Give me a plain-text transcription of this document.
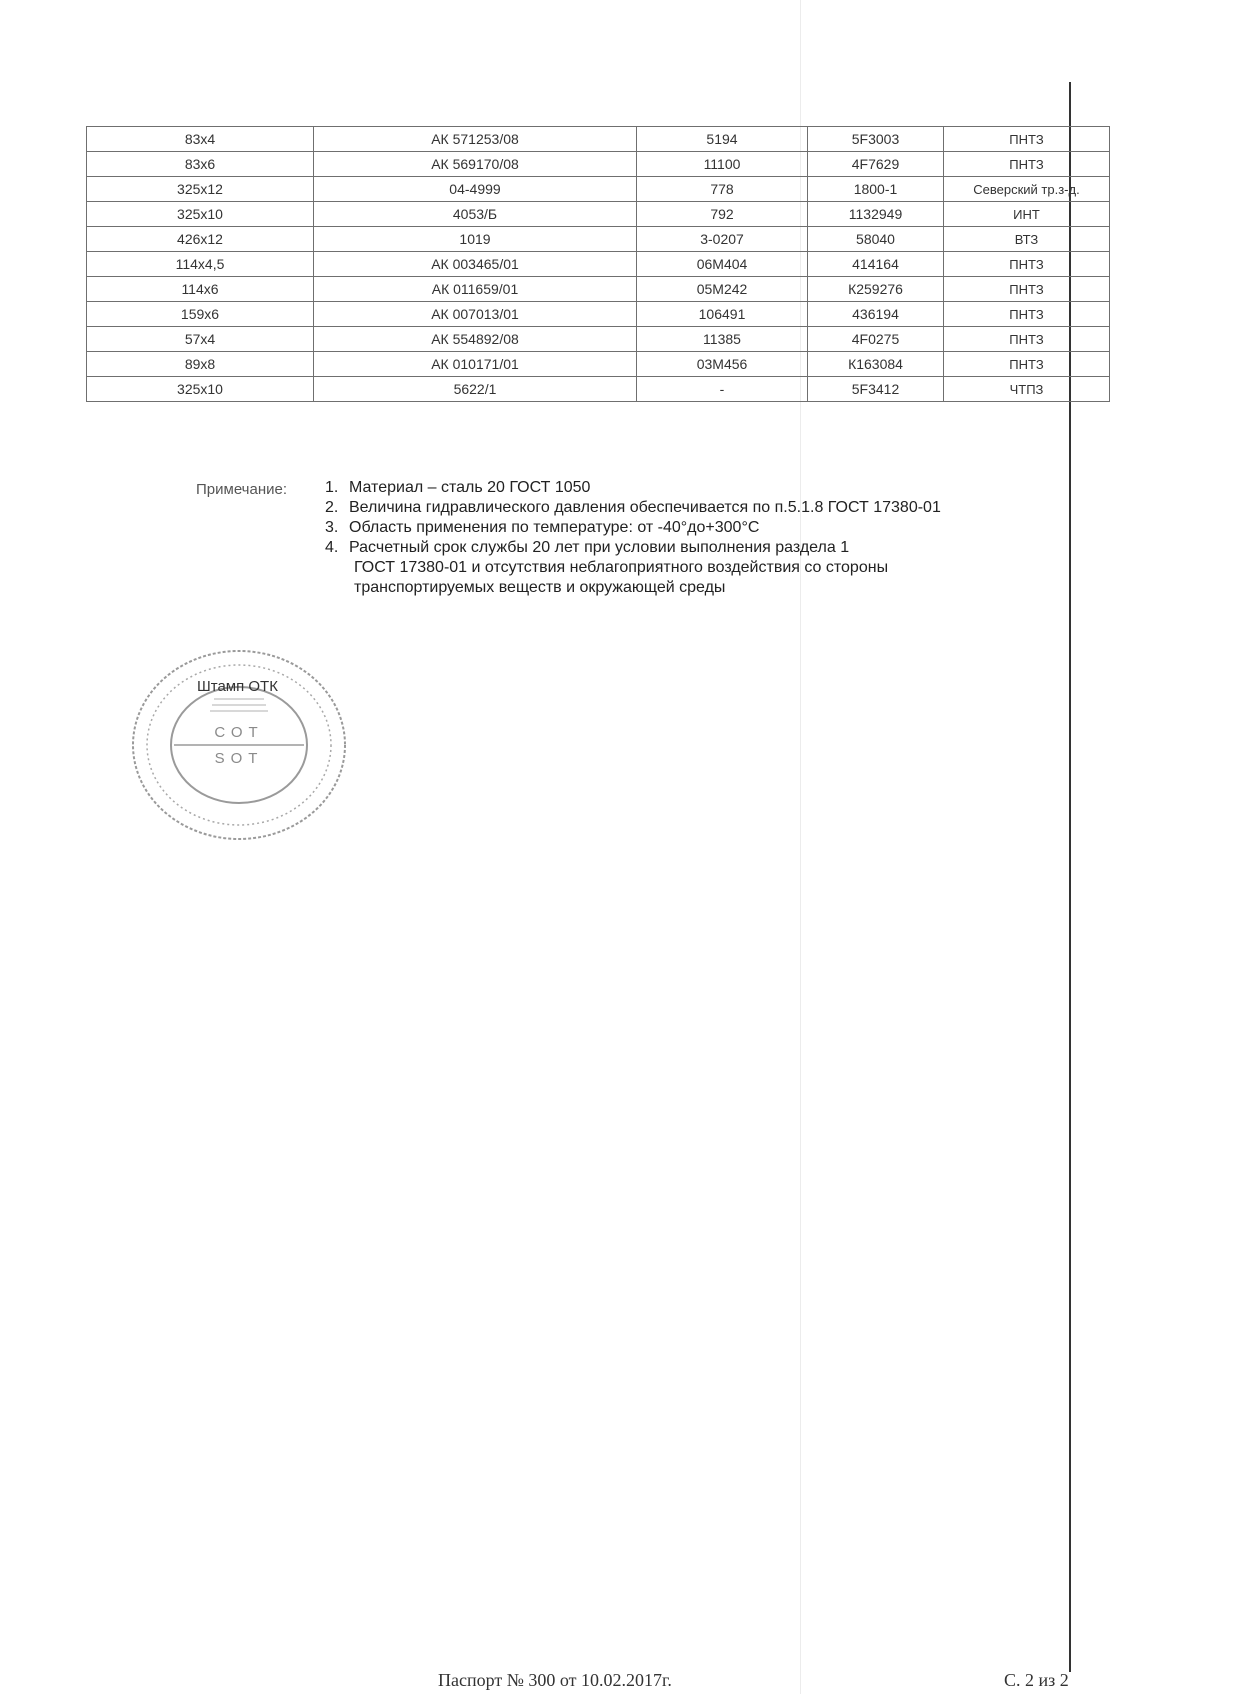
83x4	АК 571253/08	5194	5F3003	ПНТЗ
83x6	АК 569170/08	11100	4F7629	ПНТЗ
325x12	04-4999	778	1800-1	Северский тр.з-д.
325x10	4053/Б	792	1132949	ИНТ
426x12	1019	3-0207	58040	ВТЗ
114x4,5	АК 003465/01	06М404	414164	ПНТЗ
114x6	АК 011659/01	05М242	К259276	ПНТЗ
159x6	АК 007013/01	106491	436194	ПНТЗ
57x4	АК 554892/08	11385	4F0275	ПНТЗ
89x8	АК 010171/01	03М456	К163084	ПНТЗ
325x10	5622/1	-	5F3412	ЧТПЗ
Примечание: 1. Материал – сталь 20 ГОСТ 1050
2. Величина гидравлического давления обеспечивается по п.5.1.8 ГОСТ 17380-01
3. Область применения по температуре: от -40°до+300°С
4. Расчетный срок службы 20 лет при условии выполнения раздела 1
ГОСТ 17380-01 и отсутствия неблагоприятного воздействия со стороны
транспортируемых веществ и окружающей среды
СОТ
SOT
Штамп ОТК
Паспорт № 300 от 10.02.2017г.	С. 2 из 2
